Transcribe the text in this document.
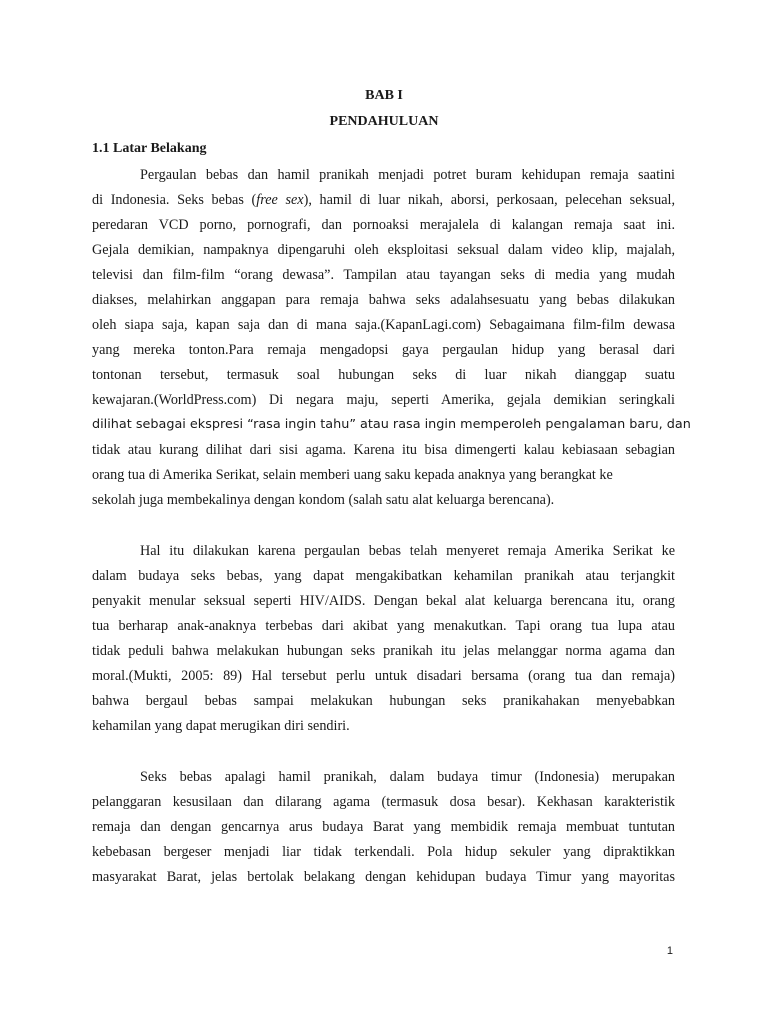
BAB I
PENDAHULUAN
1.1 Latar Belakang
Pergaulan bebas dan hamil pranikah menjadi potret buram kehidupan remaja saatini
di Indonesia. Seks bebas (free sex), hamil di luar nikah, aborsi, perkosaan, pelecehan seksual,
peredaran VCD porno, pornografi, dan pornoaksi merajalela di kalangan remaja saat ini.
Gejala demikian, nampaknya dipengaruhi oleh eksploitasi seksual dalam video klip, majalah,
televisi dan film-film “orang dewasa”. Tampilan atau tayangan seks di media yang mudah
diakses, melahirkan anggapan para remaja bahwa seks adalahsesuatu yang bebas dilakukan
oleh siapa saja, kapan saja dan di mana saja.(KapanLagi.com) Sebagaimana film-film dewasa
yang mereka tonton.Para remaja mengadopsi gaya pergaulan hidup yang berasal dari
tontonan tersebut, termasuk soal hubungan seks di luar nikah dianggap suatu
kewajaran.(WorldPress.com) Di negara maju, seperti Amerika, gejala demikian seringkali
dilihat sebagai ekspresi “rasa ingin tahu” atau rasa ingin memperoleh pengalaman baru, dan
tidak atau kurang dilihat dari sisi agama. Karena itu bisa dimengerti kalau kebiasaan sebagian
orang tua di Amerika Serikat, selain memberi uang saku kepada anaknya yang berangkat ke
sekolah juga membekalinya dengan kondom (salah satu alat keluarga berencana).
Hal itu dilakukan karena pergaulan bebas telah menyeret remaja Amerika Serikat ke
dalam budaya seks bebas, yang dapat mengakibatkan kehamilan pranikah atau terjangkit
penyakit menular seksual seperti HIV/AIDS. Dengan bekal alat keluarga berencana itu, orang
tua berharap anak-anaknya terbebas dari akibat yang menakutkan. Tapi orang tua lupa atau
tidak peduli bahwa melakukan hubungan seks pranikah itu jelas melanggar norma agama dan
moral.(Mukti, 2005: 89) Hal tersebut perlu untuk disadari bersama (orang tua dan remaja)
bahwa bergaul bebas sampai melakukan hubungan seks pranikahakan menyebabkan
kehamilan yang dapat merugikan diri sendiri.
Seks bebas apalagi hamil pranikah, dalam budaya timur (Indonesia) merupakan
pelanggaran kesusilaan dan dilarang agama (termasuk dosa besar). Kekhasan karakteristik
remaja dan dengan gencarnya arus budaya Barat yang membidik remaja membuat tuntutan
kebebasan bergeser menjadi liar tidak terkendali. Pola hidup sekuler yang dipraktikkan
masyarakat Barat, jelas bertolak belakang dengan kehidupan budaya Timur yang mayoritas
1
